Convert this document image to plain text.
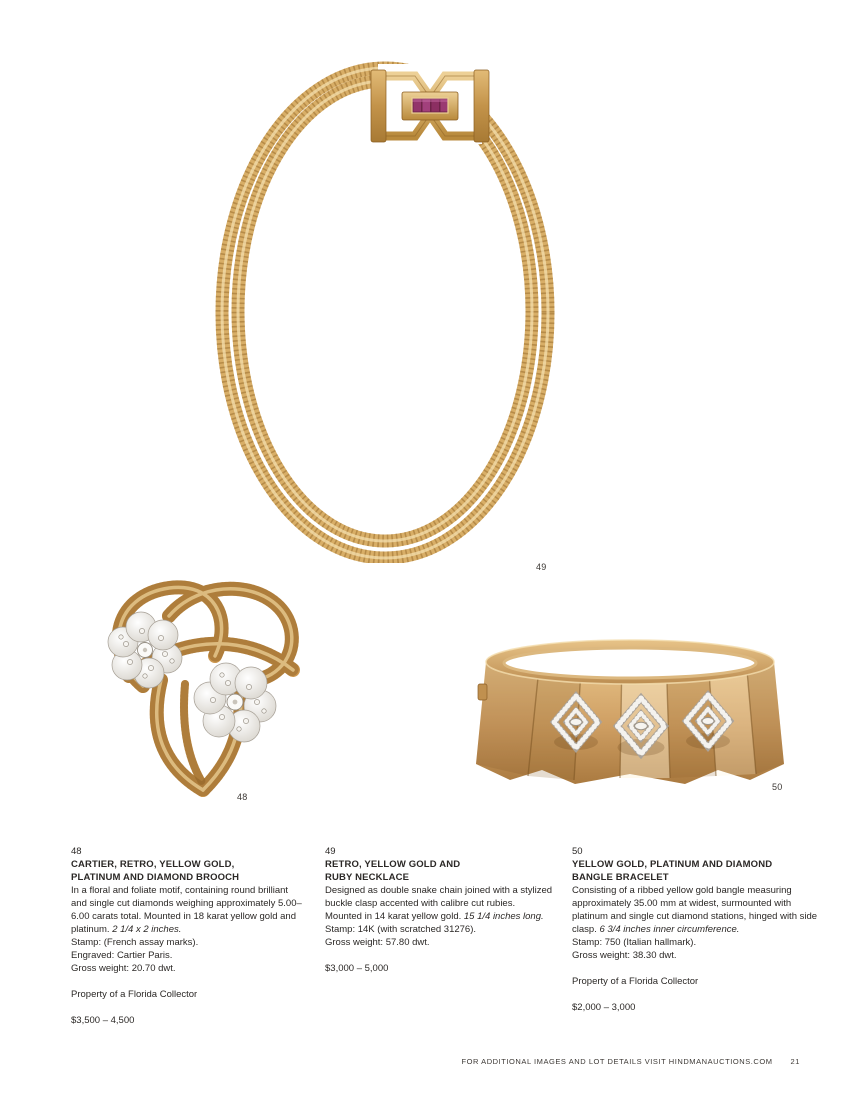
49
48
50
48
CARTIER, RETRO, YELLOW GOLD,
PLATINUM AND DIAMOND BROOCH

In a floral and foliate motif, containing round brilliant and single cut diamonds weighing approximately 5.00–6.00 carats total. Mounted in 18 karat yellow gold and platinum. 2 1/4 x 2 inches.

Stamp: (French assay marks).
Engraved: Cartier Paris.
Gross weight: 20.70 dwt.
Property of a Florida Collector
$3,500 – 4,500
49
RETRO, YELLOW GOLD AND
RUBY NECKLACE

Designed as double snake chain joined with a stylized buckle clasp accented with calibre cut rubies. Mounted in 14 karat yellow gold. 15 1/4 inches long.

Stamp: 14K (with scratched 31276).
Gross weight: 57.80 dwt.
$3,000 – 5,000
50
YELLOW GOLD, PLATINUM AND DIAMOND
BANGLE BRACELET

Consisting of a ribbed yellow gold bangle measuring approximately 35.00 mm at widest, surmounted with platinum and single cut diamond stations, hinged with side clasp. 6 3/4 inches inner circumference.

Stamp: 750 (Italian hallmark).
Gross weight: 38.30 dwt.
Property of a Florida Collector
$2,000 – 3,000
FOR ADDITIONAL IMAGES AND LOT DETAILS VISIT HINDMANAUCTIONS.COM 21
